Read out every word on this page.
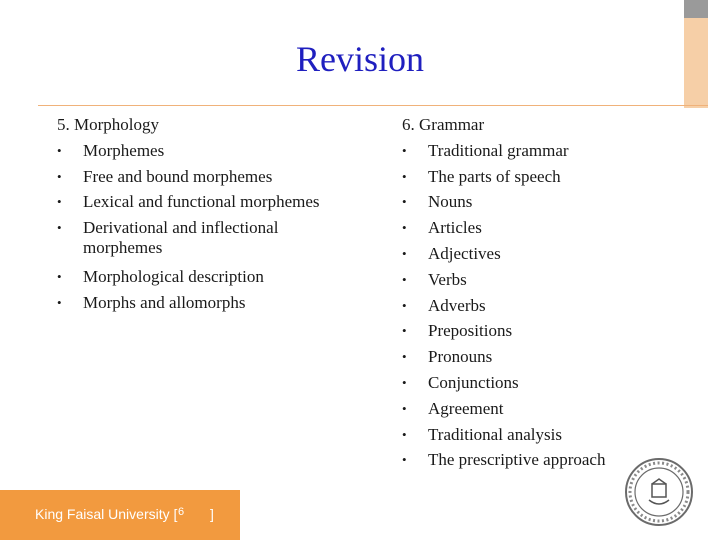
Revision

5. Morphology

• Morphemes
• Free and bound morphemes
• Lexical and functional morphemes
• Derivational and inflectional morphemes
• Morphological description
• Morphs and allomorphs

6. Grammar

• Traditional grammar
• The parts of speech
• Nouns
• Articles
• Adjectives
• Verbs
• Adverbs
• Prepositions
• Pronouns
• Conjunctions
• Agreement
• Traditional analysis
• The prescriptive approach
King Faisal University [ 6 ]
